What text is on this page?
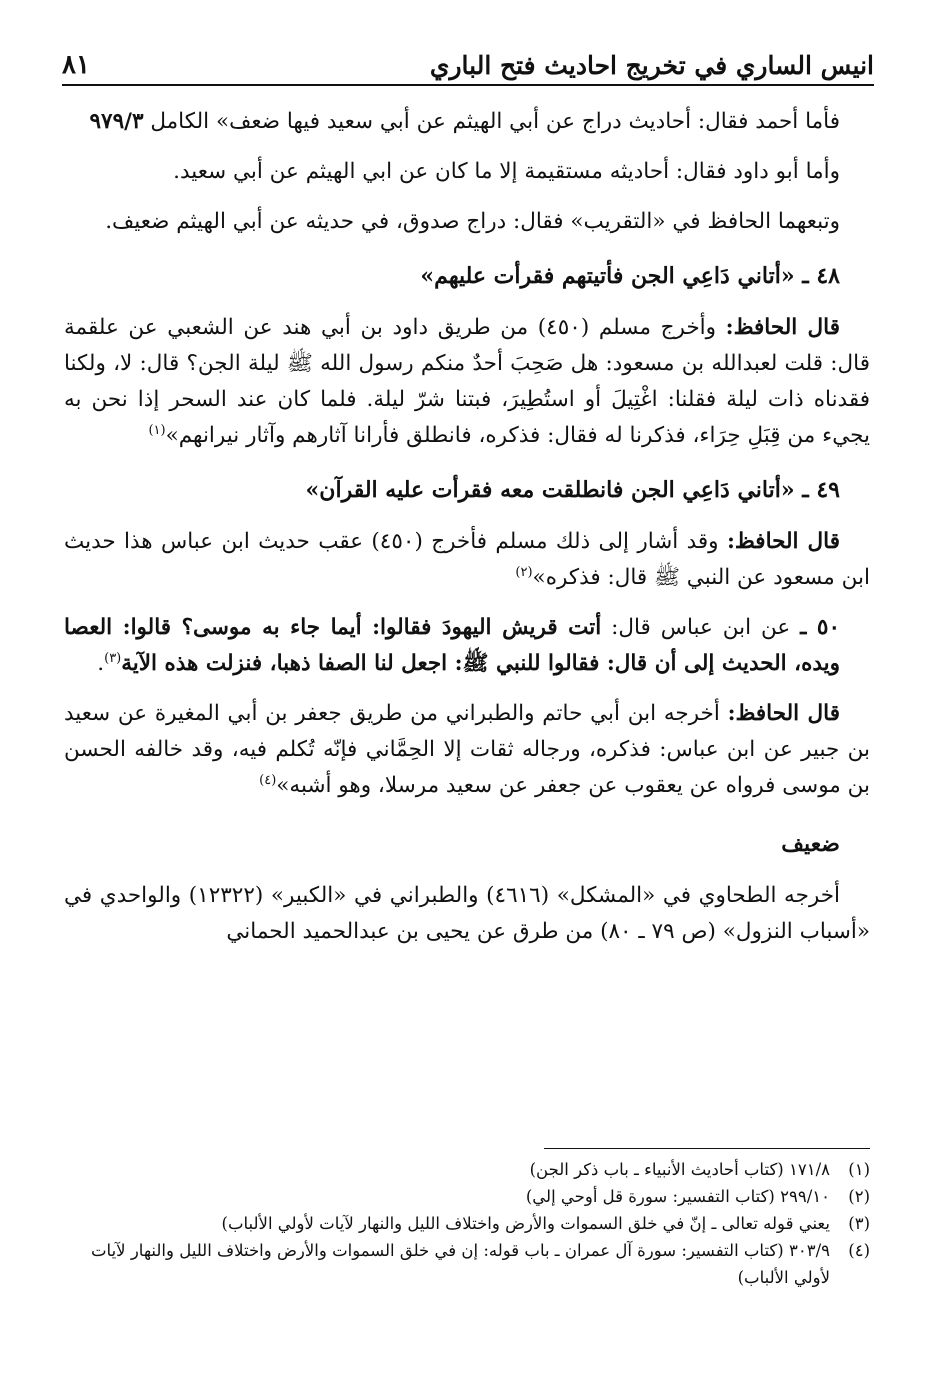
انيس الساري في تخريج احاديث فتح الباري
٨١

فأما أحمد فقال: أحاديث دراج عن أبي الهيثم عن أبي سعيد فيها ضعف» الكامل ٩٧٩/٣

وأما أبو داود فقال: أحاديثه مستقيمة إلا ما كان عن ابي الهيثم عن أبي سعيد.

وتبعهما الحافظ في «التقريب» فقال: دراج صدوق، في حديثه عن أبي الهيثم ضعيف.

٤٨ ـ «أتاني دَاعِي الجن فأتيتهم فقرأت عليهم»

قال الحافظ: وأخرج مسلم (٤٥٠) من طريق داود بن أبي هند عن الشعبي عن علقمة قال: قلت لعبدالله بن مسعود: هل صَحِبَ أحدٌ منكم رسول الله ﷺ ليلة الجن؟ قال: لا، ولكنا فقدناه ذات ليلة فقلنا: اغْتِيلَ أو استُطِيرَ، فبتنا شرّ ليلة. فلما كان عند السحر إذا نحن به يجيء من قِبَلِ حِرَاء، فذكرنا له فقال: فذكره، فانطلق فأرانا آثارهم وآثار نيرانهم»$^{(١)}$

٤٩ ـ «أتاني دَاعِي الجن فانطلقت معه فقرأت عليه القرآن»

قال الحافظ: وقد أشار إلى ذلك مسلم فأخرج (٤٥٠) عقب حديث ابن عباس هذا حديث ابن مسعود عن النبي ﷺ قال: فذكره»$^{(٢)}$

٥٠ ـ عن ابن عباس قال: أتت قريش اليهودَ فقالوا: أيما جاء به موسى؟ قالوا: العصا ويده، الحديث إلى أن قال: فقالوا للنبي ﷺ: اجعل لنا الصفا ذهبا، فنزلت هذه الآية$^{(٣)}$.

قال الحافظ: أخرجه ابن أبي حاتم والطبراني من طريق جعفر بن أبي المغيرة عن سعيد بن جبير عن ابن عباس: فذكره، ورجاله ثقات إلا الحِمَّاني فإنّه تُكلم فيه، وقد خالفه الحسن بن موسى فرواه عن يعقوب عن جعفر عن سعيد مرسلا، وهو أشبه»$^{(٤)}$

ضعيف

أخرجه الطحاوي في «المشكل» (٤٦١٦) والطبراني في «الكبير» (١٢٣٢٢) والواحدي في «أسباب النزول» (ص ٧٩ ـ ٨٠) من طرق عن يحيى بن عبدالحميد الحماني

(١)
١٧١/٨ (كتاب أحاديث الأنبياء ـ باب ذكر الجن)
(٢)
٢٩٩/١٠ (كتاب التفسير: سورة قل أوحي إلي)
(٣)
يعني قوله تعالى ـ إنّ في خلق السموات والأرض واختلاف الليل والنهار لآيات لأولي الألباب)
(٤)
٣٠٣/٩ (كتاب التفسير: سورة آل عمران ـ باب قوله: إن في خلق السموات والأرض واختلاف الليل والنهار لآيات لأولي الألباب)
